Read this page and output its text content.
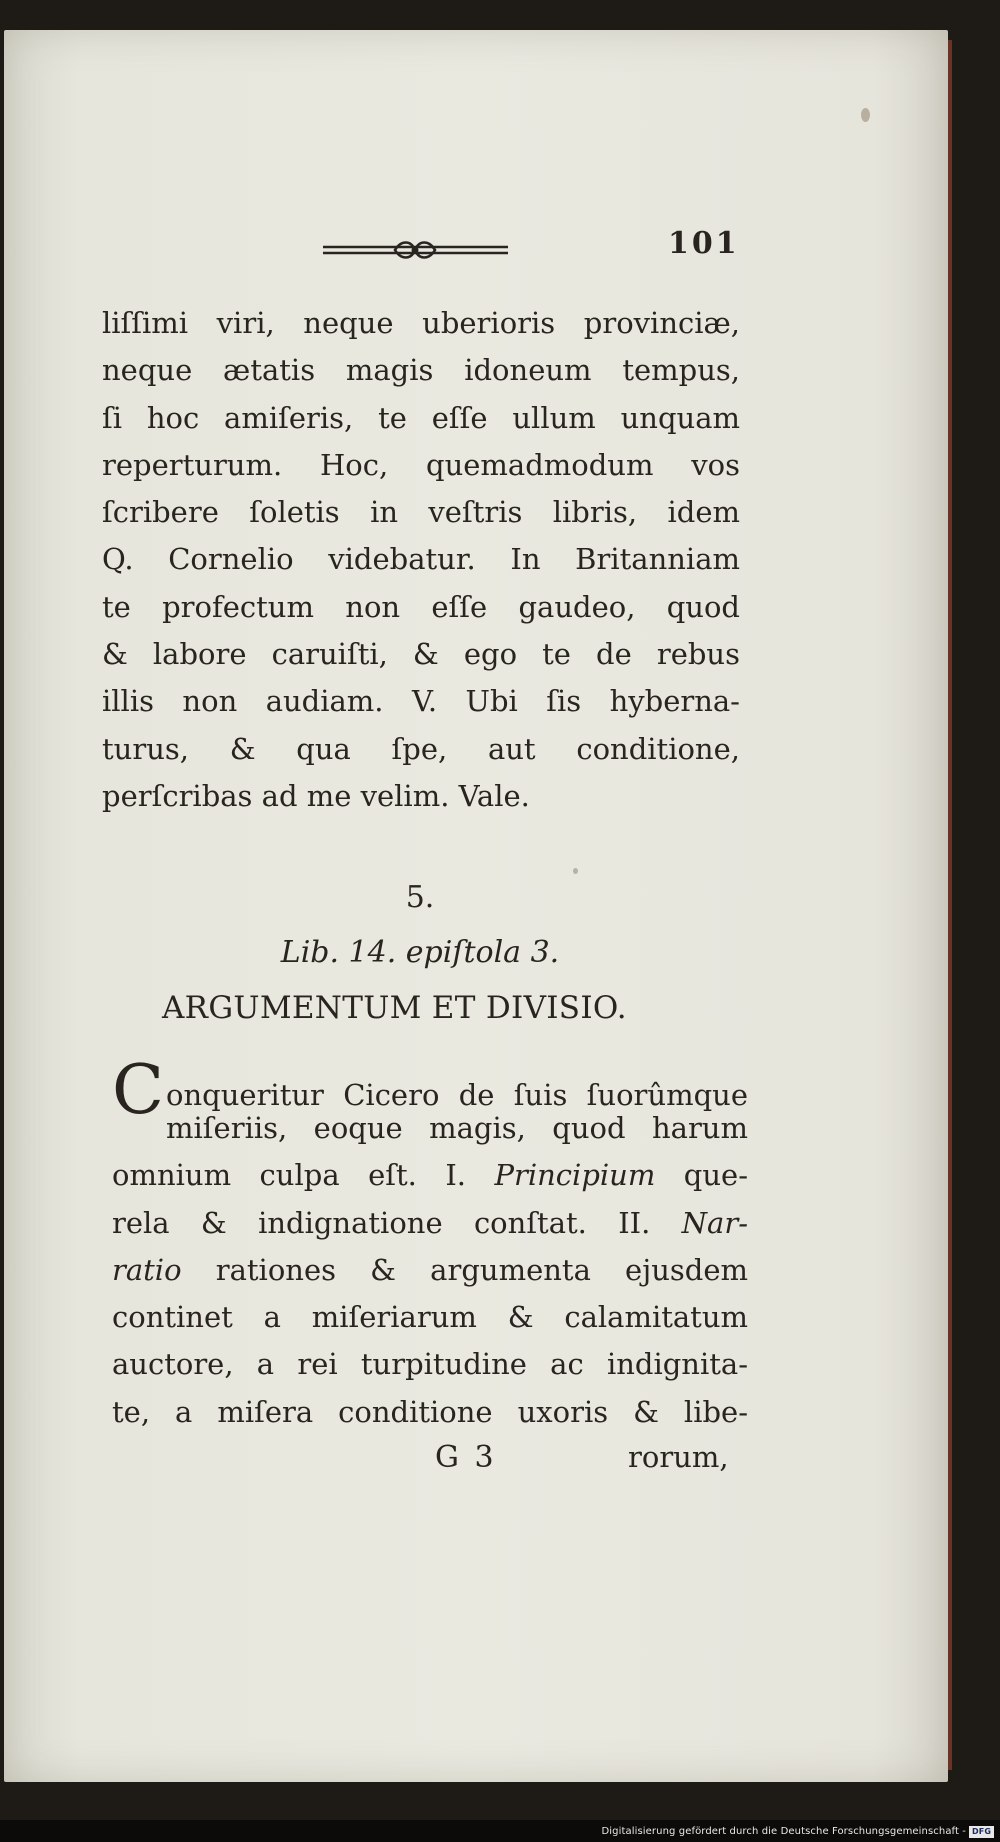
101
liſſimi viri, neque uberioris provinciæ,
neque ætatis magis idoneum tempus,
ſi hoc amiſeris, te eſſe ullum unquam
reperturum. Hoc, quemadmodum vos
ſcribere ſoletis in veſtris libris, idem
Q. Cornelio videbatur. In Britanniam
te profectum non eſſe gaudeo, quod
& labore caruiſti, & ego te de rebus
illis non audiam. V. Ubi ſis hyberna-
turus, & qua ſpe, aut conditione,
perſcribas ad me velim. Vale.
5.
Lib. 14. epiſtola 3.
ARGUMENTUM ET DIVISIO.
C onqueritur Cicero de ſuis ſuorûmque
miſeriis, eoque magis, quod harum
omnium culpa eſt. I. Principium que-
rela & indignatione conſtat. II. Nar-
ratio rationes & argumenta ejusdem
continet a miſeriarum & calamitatum
auctore, a rei turpitudine ac indignita-
te, a miſera conditione uxoris & libe-
G 3	rorum,
Digitalisierung gefördert durch die Deutsche Forschungsgemeinschaft - DFG
